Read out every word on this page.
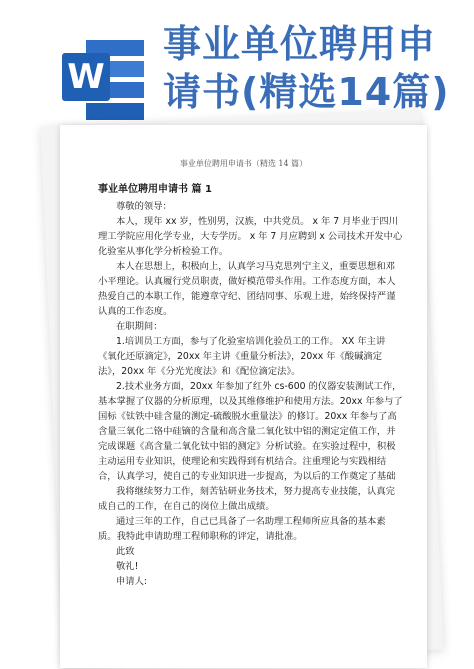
W
事业单位聘用申请书(精选14篇)
事业单位聘用申请书（精选 14 篇）
事业单位聘用申请书 篇 1

尊敬的领导：

本人，现年 xx 岁，性别男，汉族，中共党员。 x 年 7 月毕业于四川理工学院应用化学专业，大专学历。 x 年 7 月应聘到 x 公司技术开发中心化验室从事化学分析检验工作。

本人在思想上，积极向上，认真学习马克思列宁主义，重要思想和邓小平理论。认真履行党员职责，做好模范带头作用。工作态度方面，本人热爱自己的本职工作，能遵章守纪、团结同事、乐观上进，始终保持严谨认真的工作态度。

在职期间：

1.培训员工方面，参与了化验室培训化验员工的工作。 XX 年主讲《氧化还原滴定》，20xx 年主讲《重量分析法》，20xx 年《酸碱滴定法》，20xx 年《分光光度法》和《配位滴定法》。

2.技术业务方面，20xx 年参加了红外 cs-600 的仪器安装测试工作，基本掌握了仪器的分析原理，以及其维修维护和使用方法。20xx 年参与了国标《钛铁中硅含量的测定-硫酸脱水重量法》的修订。20xx 年参与了高含量三氧化二铬中硅镝的含量和高含量二氧化钛中铝的测定定值工作，并完成课题《高含量二氧化钛中铝的测定》分析试验。在实验过程中，积极主动运用专业知识，使理论和实践得到有机结合。注重理论与实践相结合，认真学习，使自己的专业知识进一步提高，为以后的工作奠定了基础

我将继续努力工作，刻苦钻研业务技术，努力提高专业技能，认真完成自己的工作，在自己的岗位上做出成绩。

通过三年的工作，自己已具备了一名助理工程师所应具备的基本素质。我特此申请助理工程师职称的评定，请批准。

此致

敬礼!

申请人:
